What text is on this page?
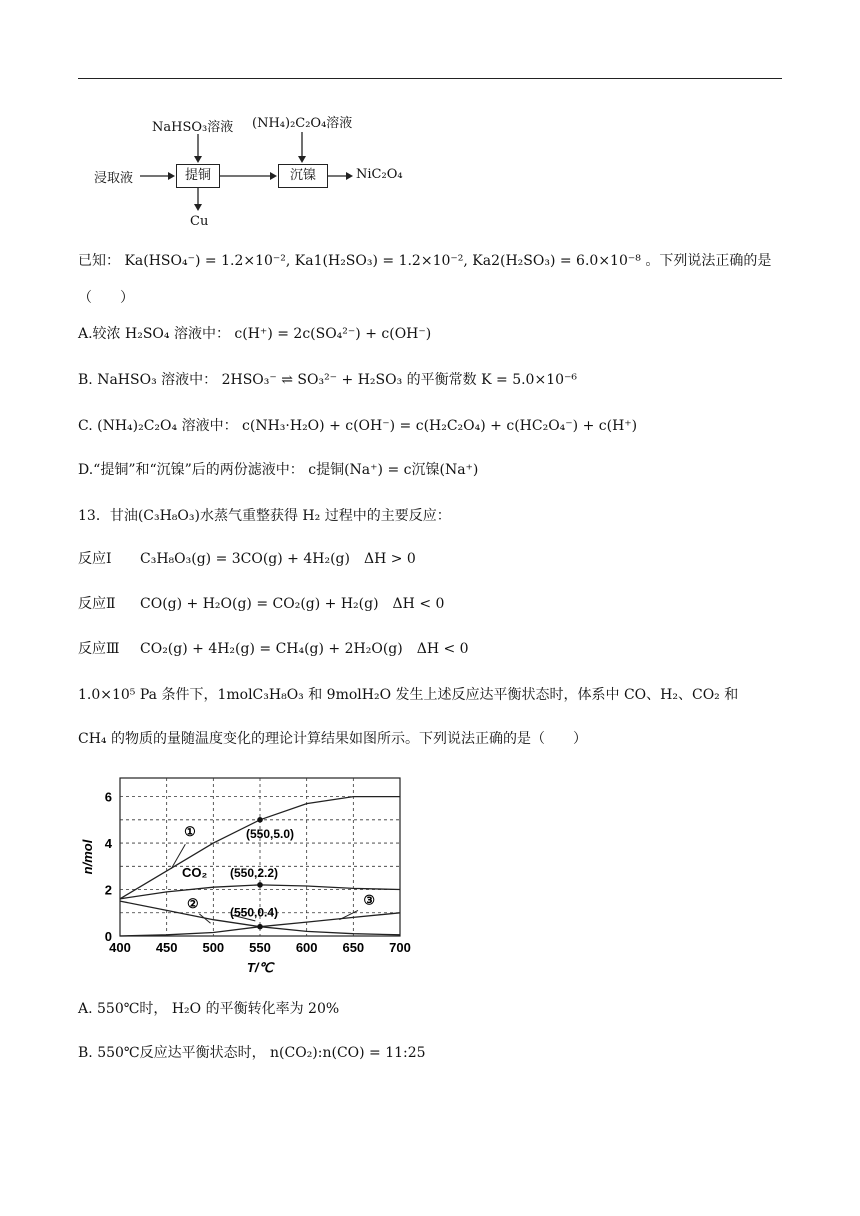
NaHSO₃溶液 (NH₄)₂C₂O₄溶液
浸取液	提铜	沉镍	NiC₂O₄
Cu
已知： Ka(HSO₄⁻) = 1.2×10⁻², Ka1(H₂SO₃) = 1.2×10⁻², Ka2(H₂SO₃) = 6.0×10⁻⁸ 。下列说法正确的是
（　　）
A.较浓 H₂SO₄ 溶液中： c(H⁺) = 2c(SO₄²⁻) + c(OH⁻)
B. NaHSO₃ 溶液中： 2HSO₃⁻ ⇌ SO₃²⁻ + H₂SO₃ 的平衡常数 K = 5.0×10⁻⁶
C. (NH₄)₂C₂O₄ 溶液中： c(NH₃·H₂O) + c(OH⁻) = c(H₂C₂O₄) + c(HC₂O₄⁻) + c(H⁺)
D.“提铜”和“沉镍”后的两份滤液中： c提铜(Na⁺) = c沉镍(Na⁺)
13．甘油(C₃H₈O₃)水蒸气重整获得 H₂ 过程中的主要反应：
反应Ⅰ C₃H₈O₃(g) = 3CO(g) + 4H₂(g)　ΔH > 0
反应Ⅱ CO(g) + H₂O(g) = CO₂(g) + H₂(g)　ΔH < 0
反应Ⅲ CO₂(g) + 4H₂(g) = CH₄(g) + 2H₂O(g)　ΔH < 0
1.0×10⁵ Pa 条件下，1molC₃H₈O₃ 和 9molH₂O 发生上述反应达平衡状态时，体系中 CO、H₂、CO₂ 和
CH₄ 的物质的量随温度变化的理论计算结果如图所示。下列说法正确的是（　　）
400 450 500 550 600 650 700
0
2
4
6
T/℃
n/mol
(550,5.0)
(550,2.2)
(550,0.4)
①
CO₂
②	③
A. 550℃时， H₂O 的平衡转化率为 20%
B. 550℃反应达平衡状态时， n(CO₂):n(CO) = 11:25
